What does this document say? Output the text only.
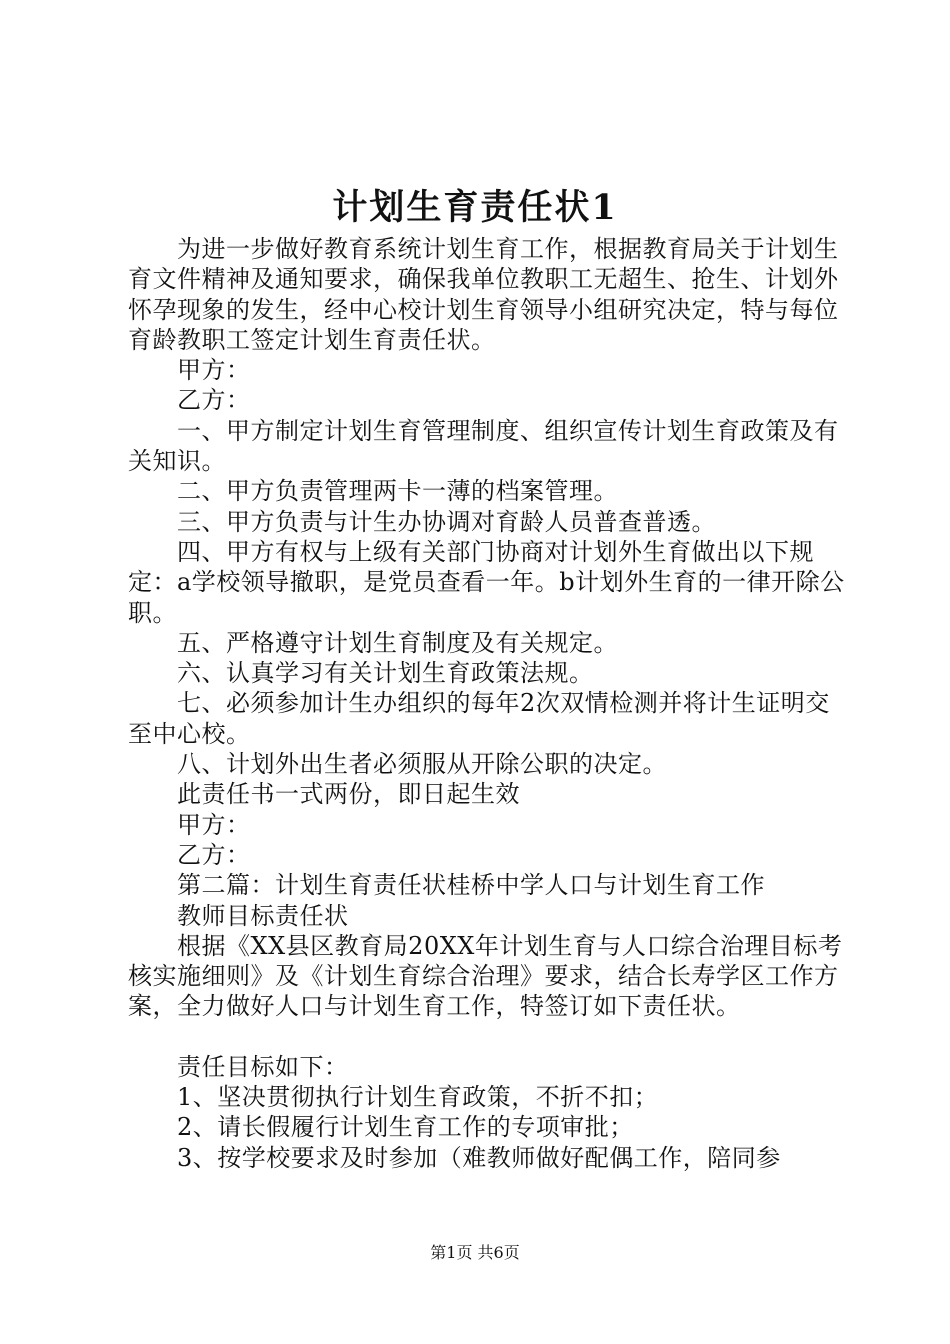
计划生育责任状1

为进一步做好教育系统计划生育工作，根据教育局关于计划生育文件精神及通知要求，确保我单位教职工无超生、抢生、计划外怀孕现象的发生，经中心校计划生育领导小组研究决定，特与每位育龄教职工签定计划生育责任状。

甲方：

乙方：

一、甲方制定计划生育管理制度、组织宣传计划生育政策及有关知识。

二、甲方负责管理两卡一薄的档案管理。

三、甲方负责与计生办协调对育龄人员普查普透。

四、甲方有权与上级有关部门协商对计划外生育做出以下规定：a学校领导撤职，是党员查看一年。b计划外生育的一律开除公职。

五、严格遵守计划生育制度及有关规定。

六、认真学习有关计划生育政策法规。

七、必须参加计生办组织的每年2次双情检测并将计生证明交至中心校。

八、计划外出生者必须服从开除公职的决定。

此责任书一式两份，即日起生效

甲方：

乙方：

第二篇：计划生育责任状桂桥中学人口与计划生育工作

教师目标责任状

根据《XX县区教育局20XX年计划生育与人口综合治理目标考核实施细则》及《计划生育综合治理》要求，结合长寿学区工作方案，全力做好人口与计划生育工作，特签订如下责任状。

责任目标如下：

1、坚决贯彻执行计划生育政策，不折不扣；

2、请长假履行计划生育工作的专项审批；

3、按学校要求及时参加（难教师做好配偶工作，陪同参

第1页 共6页
